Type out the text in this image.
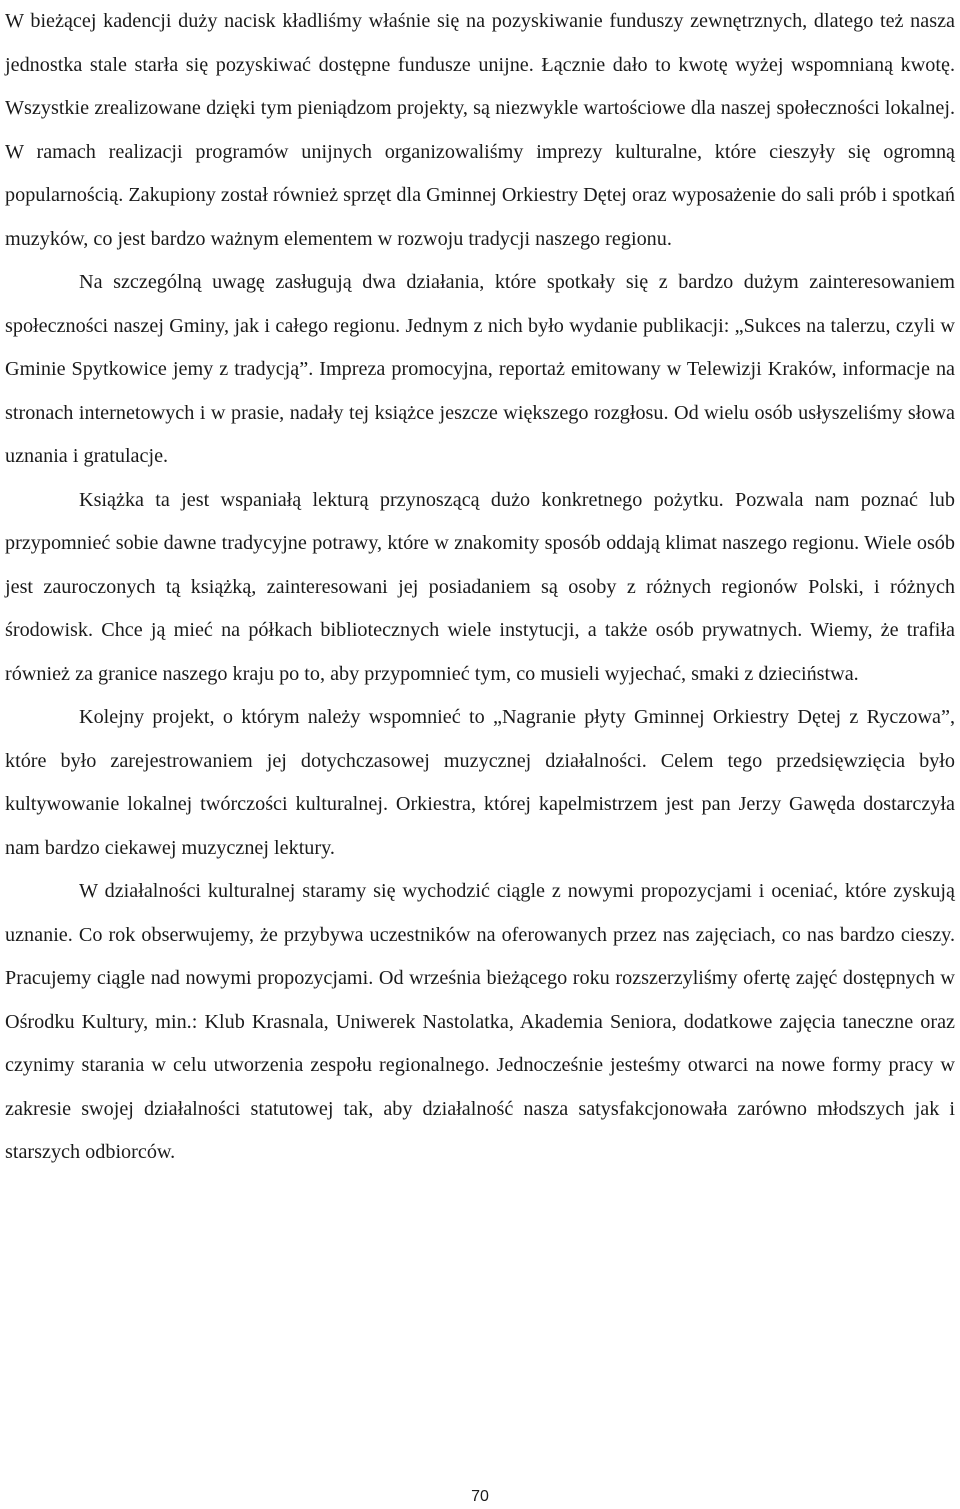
W bieżącej kadencji duży nacisk kładliśmy właśnie się na pozyskiwanie funduszy zewnętrznych, dlatego też nasza jednostka stale starła się pozyskiwać dostępne fundusze unijne. Łącznie dało to kwotę wyżej wspomnianą kwotę. Wszystkie zrealizowane dzięki tym pieniądzom projekty, są niezwykle wartościowe dla naszej społeczności lokalnej. W ramach realizacji programów unijnych organizowaliśmy imprezy kulturalne, które cieszyły się ogromną popularnością. Zakupiony został również sprzęt dla Gminnej Orkiestry Dętej oraz wyposażenie do sali prób i spotkań muzyków, co jest bardzo ważnym elementem w rozwoju tradycji naszego regionu.

Na szczególną uwagę zasługują dwa działania, które spotkały się z bardzo dużym zainteresowaniem społeczności naszej Gminy, jak i całego regionu. Jednym z nich było wydanie publikacji: „Sukces na talerzu, czyli w Gminie Spytkowice jemy z tradycją”. Impreza promocyjna, reportaż emitowany w Telewizji Kraków, informacje na stronach internetowych i w prasie, nadały tej książce jeszcze większego rozgłosu. Od wielu osób usłyszeliśmy słowa uznania i gratulacje.

Książka ta jest wspaniałą lekturą przynoszącą dużo konkretnego pożytku. Pozwala nam poznać lub przypomnieć sobie dawne tradycyjne potrawy, które w znakomity sposób oddają klimat naszego regionu. Wiele osób jest zauroczonych tą książką, zainteresowani jej posiadaniem są osoby z różnych regionów Polski, i różnych środowisk. Chce ją mieć na półkach bibliotecznych wiele instytucji, a także osób prywatnych. Wiemy, że trafiła również za granice naszego kraju po to, aby przypomnieć tym, co musieli wyjechać, smaki z dzieciństwa.

Kolejny projekt, o którym należy wspomnieć to „Nagranie płyty Gminnej Orkiestry Dętej z Ryczowa”, które było zarejestrowaniem jej dotychczasowej muzycznej działalności. Celem tego przedsięwzięcia było kultywowanie lokalnej twórczości kulturalnej. Orkiestra, której kapelmistrzem jest pan Jerzy Gawęda dostarczyła nam bardzo ciekawej muzycznej lektury.

W działalności kulturalnej staramy się wychodzić ciągle z nowymi propozycjami i oceniać, które zyskują uznanie. Co rok obserwujemy, że przybywa uczestników na oferowanych przez nas zajęciach, co nas bardzo cieszy. Pracujemy ciągle nad nowymi propozycjami. Od września bieżącego roku rozszerzyliśmy ofertę zajęć dostępnych w Ośrodku Kultury, min.: Klub Krasnala, Uniwerek Nastolatka, Akademia Seniora, dodatkowe zajęcia taneczne oraz czynimy starania w celu utworzenia zespołu regionalnego. Jednocześnie jesteśmy otwarci na nowe formy pracy w zakresie swojej działalności statutowej tak, aby działalność nasza satysfakcjonowała zarówno młodszych jak i starszych odbiorców.

70
